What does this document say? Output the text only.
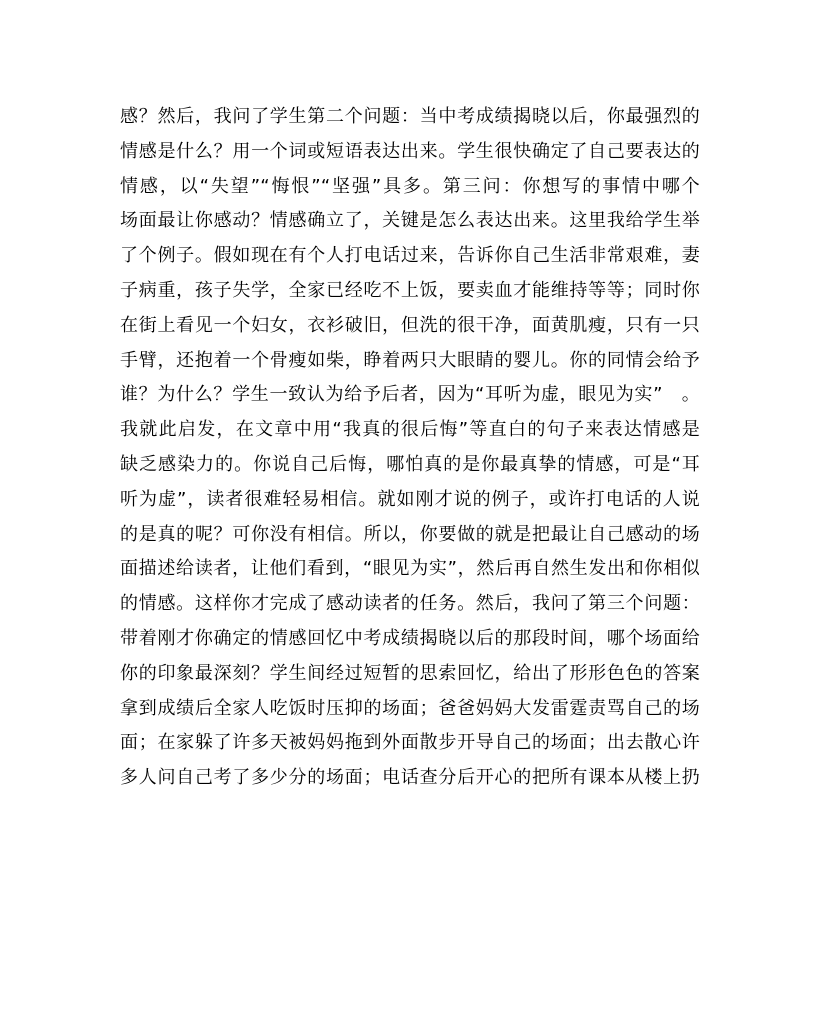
感？然后，我问了学生第二个问题：当中考成绩揭晓以后，你最强烈的
情感是什么？用一个词或短语表达出来。学生很快确定了自己要表达的
情感，以“失望”“悔恨”“坚强”具多。第三问：你想写的事情中哪个
场面最让你感动？情感确立了，关键是怎么表达出来。这里我给学生举
了个例子。假如现在有个人打电话过来，告诉你自己生活非常艰难，妻
子病重，孩子失学，全家已经吃不上饭，要卖血才能维持等等；同时你
在街上看见一个妇女，衣衫破旧，但洗的很干净，面黄肌瘦，只有一只
手臂，还抱着一个骨瘦如柴，睁着两只大眼睛的婴儿。你的同情会给予
谁？为什么？学生一致认为给予后者，因为“耳听为虚，眼见为实”　。
我就此启发，在文章中用“我真的很后悔”等直白的句子来表达情感是
缺乏感染力的。你说自己后悔，哪怕真的是你最真挚的情感，可是“耳
听为虚”，读者很难轻易相信。就如刚才说的例子，或许打电话的人说
的是真的呢？可你没有相信。所以，你要做的就是把最让自己感动的场
面描述给读者，让他们看到，“眼见为实”，然后再自然生发出和你相似
的情感。这样你才完成了感动读者的任务。然后，我问了第三个问题：
带着刚才你确定的情感回忆中考成绩揭晓以后的那段时间，哪个场面给
你的印象最深刻？学生间经过短暂的思索回忆，给出了形形色色的答案
拿到成绩后全家人吃饭时压抑的场面；爸爸妈妈大发雷霆责骂自己的场
面；在家躲了许多天被妈妈拖到外面散步开导自己的场面；出去散心许
多人问自己考了多少分的场面；电话查分后开心的把所有课本从楼上扔
